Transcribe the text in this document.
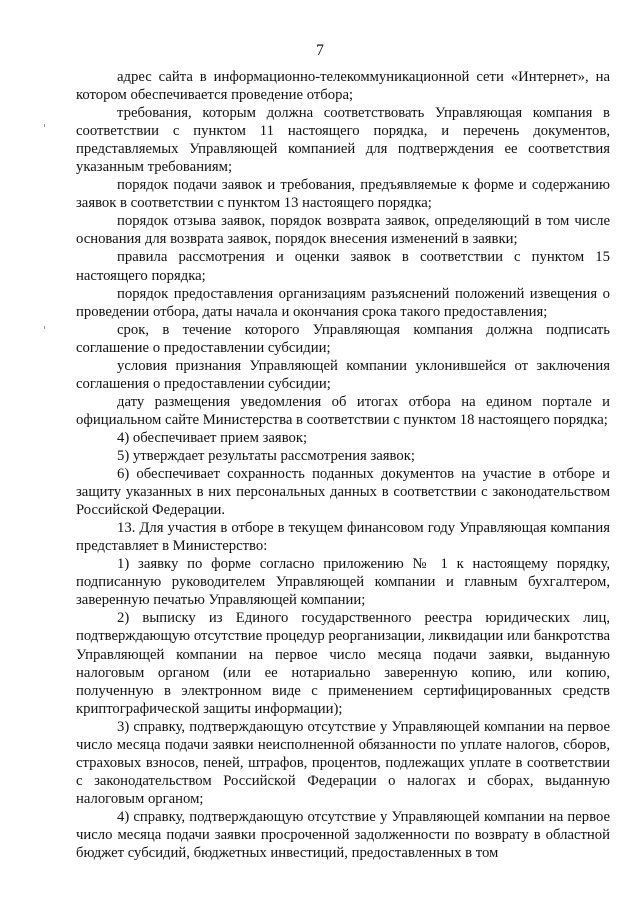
7

адрес сайта в информационно-телекоммуникационной сети «Интернет», на котором обеспечивается проведение отбора;

требования, которым должна соответствовать Управляющая компания в соответствии с пунктом 11 настоящего порядка, и перечень документов, представляемых Управляющей компанией для подтверждения ее соответствия указанным требованиям;

порядок подачи заявок и требования, предъявляемые к форме и содержанию заявок в соответствии с пунктом 13 настоящего порядка;

порядок отзыва заявок, порядок возврата заявок, определяющий в том числе основания для возврата заявок, порядок внесения изменений в заявки;

правила рассмотрения и оценки заявок в соответствии с пунктом 15 настоящего порядка;

порядок предоставления организациям разъяснений положений извещения о проведении отбора, даты начала и окончания срока такого предоставления;

срок, в течение которого Управляющая компания должна подписать соглашение о предоставлении субсидии;

условия признания Управляющей компании уклонившейся от заключения соглашения о предоставлении субсидии;

дату размещения уведомления об итогах отбора на едином портале и официальном сайте Министерства в соответствии с пунктом 18 настоящего порядка;

4) обеспечивает прием заявок;

5) утверждает результаты рассмотрения заявок;

6) обеспечивает сохранность поданных документов на участие в отборе и защиту указанных в них персональных данных в соответствии с законодательством Российской Федерации.

13. Для участия в отборе в текущем финансовом году Управляющая компания представляет в Министерство:

1) заявку по форме согласно приложению № 1 к настоящему порядку, подписанную руководителем Управляющей компании и главным бухгалтером, заверенную печатью Управляющей компании;

2) выписку из Единого государственного реестра юридических лиц, подтверждающую отсутствие процедур реорганизации, ликвидации или банкротства Управляющей компании на первое число месяца подачи заявки, выданную налоговым органом (или ее нотариально заверенную копию, или копию, полученную в электронном виде с применением сертифицированных средств криптографической защиты информации);

3) справку, подтверждающую отсутствие у Управляющей компании на первое число месяца подачи заявки неисполненной обязанности по уплате налогов, сборов, страховых взносов, пеней, штрафов, процентов, подлежащих уплате в соответствии с законодательством Российской Федерации о налогах и сборах, выданную налоговым органом;

4) справку, подтверждающую отсутствие у Управляющей компании на первое число месяца подачи заявки просроченной задолженности по возврату в областной бюджет субсидий, бюджетных инвестиций, предоставленных в том
